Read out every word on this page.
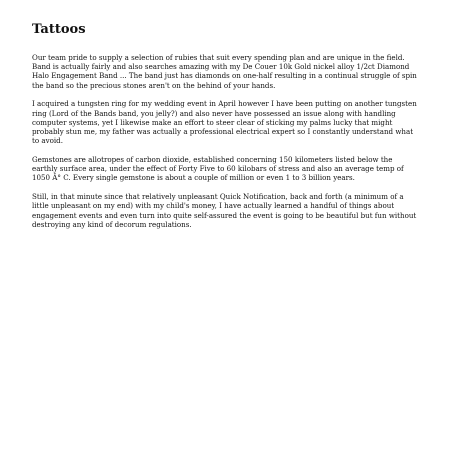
Tattoos

Our team pride to supply a selection of rubies that suit every spending plan and are unique in the field. Band is actually fairly and also searches amazing with my De Couer 10k Gold nickel alloy 1/2ct Diamond Halo Engagement Band ... The band just has diamonds on one-half resulting in a continual struggle of spin the band so the precious stones aren't on the behind of your hands.

I acquired a tungsten ring for my wedding event in April however I have been putting on another tungsten ring (Lord of the Bands band, you jelly?) and also never have possessed an issue along with handling computer systems, yet I likewise make an effort to steer clear of sticking my palms lucky that might probably stun me, my father was actually a professional electrical expert so I constantly understand what to avoid.

Gemstones are allotropes of carbon dioxide, established concerning 150 kilometers listed below the earthly surface area, under the effect of Forty Five to 60 kilobars of stress and also an average temp of 1050 Â° C. Every single gemstone is about a couple of million or even 1 to 3 billion years.

Still, in that minute since that relatively unpleasant Quick Notification, back and forth (a minimum of a little unpleasant on my end) with my child's money, I have actually learned a handful of things about engagement events and even turn into quite self-assured the event is going to be beautiful but fun without destroying any kind of decorum regulations.
